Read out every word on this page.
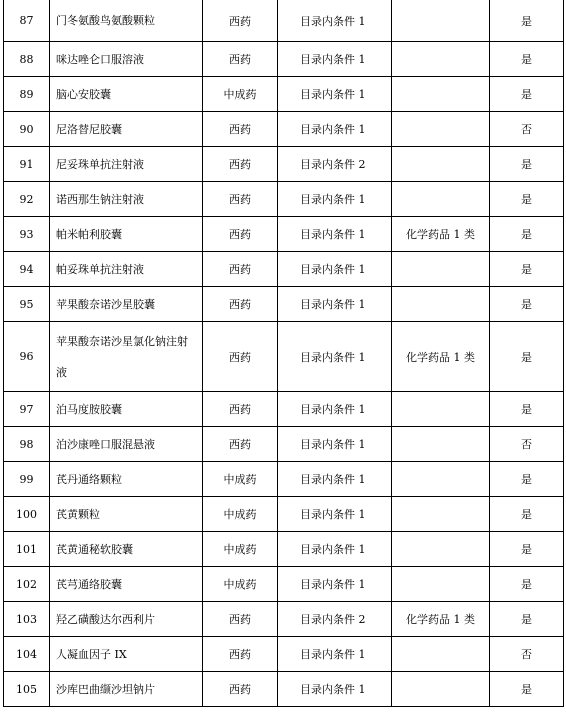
87	门冬氨酸鸟氨酸颗粒	西药	目录内条件 1		是
88	咪达唑仑口服溶液	西药	目录内条件 1		是
89	脑心安胶囊	中成药	目录内条件 1		是
90	尼洛替尼胶囊	西药	目录内条件 1		否
91	尼妥珠单抗注射液	西药	目录内条件 2		是
92	诺西那生钠注射液	西药	目录内条件 1		是
93	帕米帕利胶囊	西药	目录内条件 1	化学药品 1 类	是
94	帕妥珠单抗注射液	西药	目录内条件 1		是
95	苹果酸奈诺沙星胶囊	西药	目录内条件 1		是
96	苹果酸奈诺沙星氯化钠注射液	西药	目录内条件 1	化学药品 1 类	是
97	泊马度胺胶囊	西药	目录内条件 1		是
98	泊沙康唑口服混悬液	西药	目录内条件 1		否
99	芪丹通络颗粒	中成药	目录内条件 1		是
100	芪黄颗粒	中成药	目录内条件 1		是
101	芪黄通秘软胶囊	中成药	目录内条件 1		是
102	芪芎通络胶囊	中成药	目录内条件 1		是
103	羟乙磺酸达尔西利片	西药	目录内条件 2	化学药品 1 类	是
104	人凝血因子 IX	西药	目录内条件 1		否
105	沙库巴曲缬沙坦钠片	西药	目录内条件 1		是
